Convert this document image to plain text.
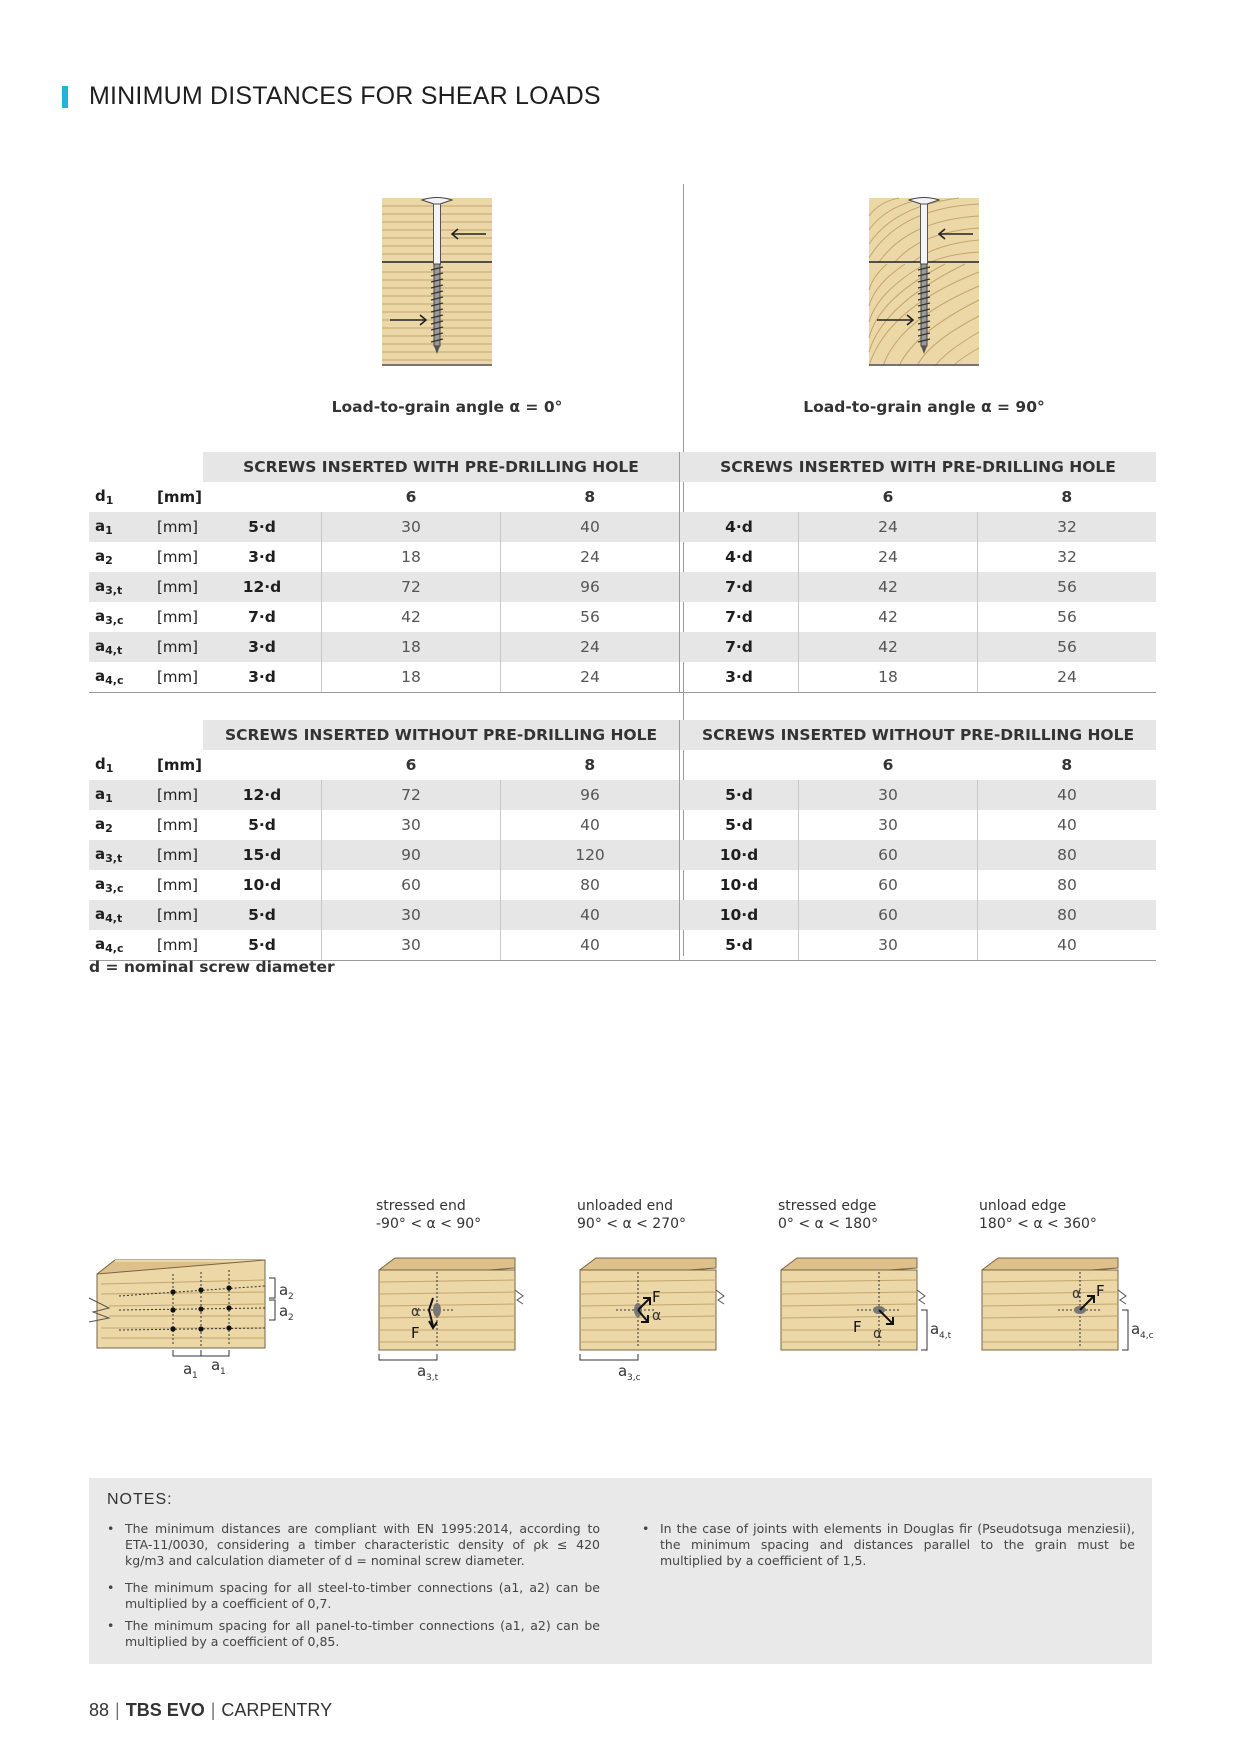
MINIMUM DISTANCES FOR SHEAR LOADS
Load-to-grain angle α = 0°	Load-to-grain angle α = 90°
		SCREWS INSERTED WITH PRE-DRILLING HOLE			SCREWS INSERTED WITH PRE-DRILLING HOLE		
$d_1$	[mm]		6	8		6	8
$a_1$	[mm]	5·d	30	40	4·d	24	32
$a_2$	[mm]	3·d	18	24	4·d	24	32
$a_{3,t}$	[mm]	12·d	72	96	7·d	42	56
$a_{3,c}$	[mm]	7·d	42	56	7·d	42	56
$a_{4,t}$	[mm]	3·d	18	24	7·d	42	56
$a_{4,c}$	[mm]	3·d	18	24	3·d	18	24
		SCREWS INSERTED WITHOUT PRE-DRILLING HOLE			SCREWS INSERTED WITHOUT PRE-DRILLING HOLE		
$d_1$	[mm]		6	8		6	8
$a_1$	[mm]	12·d	72	96	5·d	30	40
$a_2$	[mm]	5·d	30	40	5·d	30	40
$a_{3,t}$	[mm]	15·d	90	120	10·d	60	80
$a_{3,c}$	[mm]	10·d	60	80	10·d	60	80
$a_{4,t}$	[mm]	5·d	30	40	10·d	60	80
$a_{4,c}$	[mm]	5·d	30	40	5·d	30	40
d = nominal screw diameter
stressed end
-90° < α < 90°
unloaded end
90° < α < 270°
stressed edge
0° < α < 180°
unload edge
180° < α < 360°
a 2
a 2
a 1
a 1
α
F
a 3,t
F
α
a 3,c
F α	a 4,t
F
α
a 4,c
NOTES:
• The minimum distances are compliant with EN 1995:2014, according to ETA-11/0030, considering a timber characteristic density of ρk ≤ 420 kg/m3 and calculation diameter of d = nominal screw diameter.
• The minimum spacing for all steel-to-timber connections (a1, a2) can be multiplied by a coefficient of 0,7.
• The minimum spacing for all panel-to-timber connections (a1, a2) can be multiplied by a coefficient of 0,85.
• In the case of joints with elements in Douglas fir (Pseudotsuga menziesii), the minimum spacing and distances parallel to the grain must be multiplied by a coefficient of 1,5.
88 | TBS EVO | CARPENTRY
